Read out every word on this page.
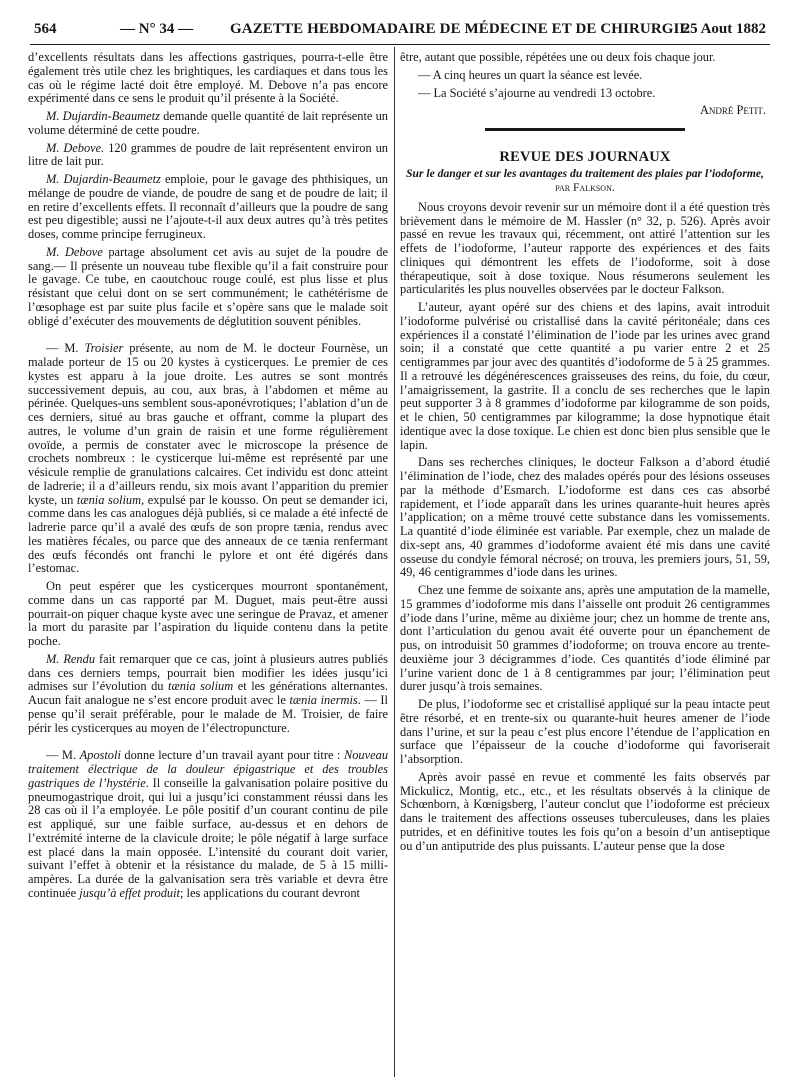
564	— N° 34 — GAZETTE HEBDOMADAIRE DE MÉDECINE ET DE CHIRURGIE
25 Aout 1882

d’excellents résultats dans les affections gastriques, pourra-t-elle être également très utile chez les brightiques, les cardiaques et dans tous les cas où le régime lacté doit être employé. M. Debove n’a pas encore expérimenté dans ce sens le produit qu’il présente à la Société.

M. Dujardin-Beaumetz demande quelle quantité de lait représente un volume déterminé de cette poudre.

M. Debove. 120 grammes de poudre de lait représentent environ un litre de lait pur.

M. Dujardin-Beaumetz emploie, pour le gavage des phthisiques, un mélange de poudre de viande, de poudre de sang et de poudre de lait; il en retire d’excellents effets. Il reconnaît d’ailleurs que la poudre de sang est peu digestible; aussi ne l’ajoute-t-il aux deux autres qu’à très petites doses, comme principe ferrugineux.

M. Debove partage absolument cet avis au sujet de la poudre de sang.— Il présente un nouveau tube flexible qu’il a fait construire pour le gavage. Ce tube, en caoutchouc rouge coulé, est plus lisse et plus résistant que celui dont on se sert communément; le cathétérisme de l’œsophage est par suite plus facile et s’opère sans que le malade soit obligé d’exécuter des mouvements de déglutition souvent pénibles.

— M. Troisier présente, au nom de M. le docteur Fournèse, un malade porteur de 15 ou 20 kystes à cysticerques. Le premier de ces kystes est apparu à la joue droite. Les autres se sont montrés successivement depuis, au cou, aux bras, à l’abdomen et même au périnée. Quelques-uns semblent sous-aponévrotiques; l’ablation d’un de ces derniers, situé au bras gauche et offrant, comme la plupart des autres, le volume d’un grain de raisin et une forme régulièrement ovoïde, a permis de constater avec le microscope la présence de crochets nombreux : le cysticerque lui-même est représenté par une vésicule remplie de granulations calcaires. Cet individu est donc atteint de ladrerie; il a d’ailleurs rendu, six mois avant l’apparition du premier kyste, un tænia solium, expulsé par le kousso. On peut se demander ici, comme dans les cas analogues déjà publiés, si ce malade a été infecté de ladrerie parce qu’il a avalé des œufs de son propre tænia, rendus avec les matières fécales, ou parce que des anneaux de ce tænia renfermant des œufs fécondés ont franchi le pylore et ont été digérés dans l’estomac.

On peut espérer que les cysticerques mourront spontanément, comme dans un cas rapporté par M. Duguet, mais peut-être aussi pourrait-on piquer chaque kyste avec une seringue de Pravaz, et amener la mort du parasite par l’aspiration du liquide contenu dans la petite poche.

M. Rendu fait remarquer que ce cas, joint à plusieurs autres publiés dans ces derniers temps, pourrait bien modifier les idées jusqu’ici admises sur l’évolution du tænia solium et les générations alternantes. Aucun fait analogue ne s’est encore produit avec le tænia inermis. — Il pense qu’il serait préférable, pour le malade de M. Troisier, de faire périr les cysticerques au moyen de l’électropuncture.

— M. Apostoli donne lecture d’un travail ayant pour titre : Nouveau traitement électrique de la douleur épigastrique et des troubles gastriques de l’hystérie. Il conseille la galvanisation polaire positive du pneumogastrique droit, qui lui a jusqu’ici constamment réussi dans les 28 cas où il l’a employée. Le pôle positif d’un courant continu de pile est appliqué, sur une faible surface, au-dessus et en dehors de l’extrémité interne de la clavicule droite; le pôle négatif à large surface est placé dans la main opposée. L’intensité du courant doit varier, suivant l’effet à obtenir et la résistance du malade, de 5 à 15 milli-ampères. La durée de la galvanisation sera très variable et devra être continuée jusqu’à effet produit; les applications du courant devront

être, autant que possible, répétées une ou deux fois chaque jour.

— A cinq heures un quart la séance est levée.

— La Société s’ajourne au vendredi 13 octobre.

André Petit.
REVUE DES JOURNAUX
Sur le danger et sur les avantages du traitement des plaies par l’iodoforme, par Falkson.

Nous croyons devoir revenir sur un mémoire dont il a été question très brièvement dans le mémoire de M. Hassler (n° 32, p. 526). Après avoir passé en revue les travaux qui, récemment, ont attiré l’attention sur les effets de l’iodoforme, l’auteur rapporte des expériences et des faits cliniques qui démontrent les effets de l’iodoforme, soit à dose thérapeutique, soit à dose toxique. Nous résumerons seulement les particularités les plus nouvelles observées par le docteur Falkson.

L’auteur, ayant opéré sur des chiens et des lapins, avait introduit l’iodoforme pulvérisé ou cristallisé dans la cavité péritonéale; dans ces expériences il a constaté l’élimination de l’iode par les urines avec grand soin; il a constaté que cette quantité a pu varier entre 2 et 25 centigrammes par jour avec des quantités d’iodoforme de 5 à 25 grammes. Il a retrouvé les dégénérescences graisseuses des reins, du foie, du cœur, l’amaigrissement, la gastrite. Il a conclu de ses recherches que le lapin peut supporter 3 à 8 grammes d’iodoforme par kilogramme de son poids, et le chien, 50 centigrammes par kilogramme; la dose hypnotique était identique avec la dose toxique. Le chien est donc bien plus sensible que le lapin.

Dans ses recherches cliniques, le docteur Falkson a d’abord étudié l’élimination de l’iode, chez des malades opérés pour des lésions osseuses par la méthode d’Esmarch. L’iodoforme est dans ces cas absorbé rapidement, et l’iode apparaît dans les urines quarante-huit heures après l’application; on a même trouvé cette substance dans les vomissements. La quantité d’iode éliminée est variable. Par exemple, chez un malade de dix-sept ans, 40 grammes d’iodoforme avaient été mis dans une cavité osseuse du condyle fémoral nécrosé; on trouva, les premiers jours, 51, 59, 49, 46 centigrammes d’iode dans les urines.

Chez une femme de soixante ans, après une amputation de la mamelle, 15 grammes d’iodoforme mis dans l’aisselle ont produit 26 centigrammes d’iode dans l’urine, même au dixième jour; chez un homme de trente ans, dont l’articulation du genou avait été ouverte pour un épanchement de pus, on introduisit 50 grammes d’iodoforme; on trouva encore au trente-deuxième jour 3 décigrammes d’iode. Ces quantités d’iode éliminé par l’urine varient donc de 1 à 8 centigrammes par jour; l’élimination peut durer jusqu’à trois semaines.

De plus, l’iodoforme sec et cristallisé appliqué sur la peau intacte peut être résorbé, et en trente-six ou quarante-huit heures amener de l’iode dans l’urine, et sur la peau c’est plus encore l’étendue de l’application en surface que l’épaisseur de la couche d’iodoforme qui favoriserait l’absorption.

Après avoir passé en revue et commenté les faits observés par Mickulicz, Montig, etc., etc., et les résultats observés à la clinique de Schœnborn, à Kœnigsberg, l’auteur conclut que l’iodoforme est précieux dans le traitement des affections osseuses tuberculeuses, dans les plaies putrides, et en définitive toutes les fois qu’on a besoin d’un antiseptique ou d’un antiputride des plus puissants. L’auteur pense que la dose
